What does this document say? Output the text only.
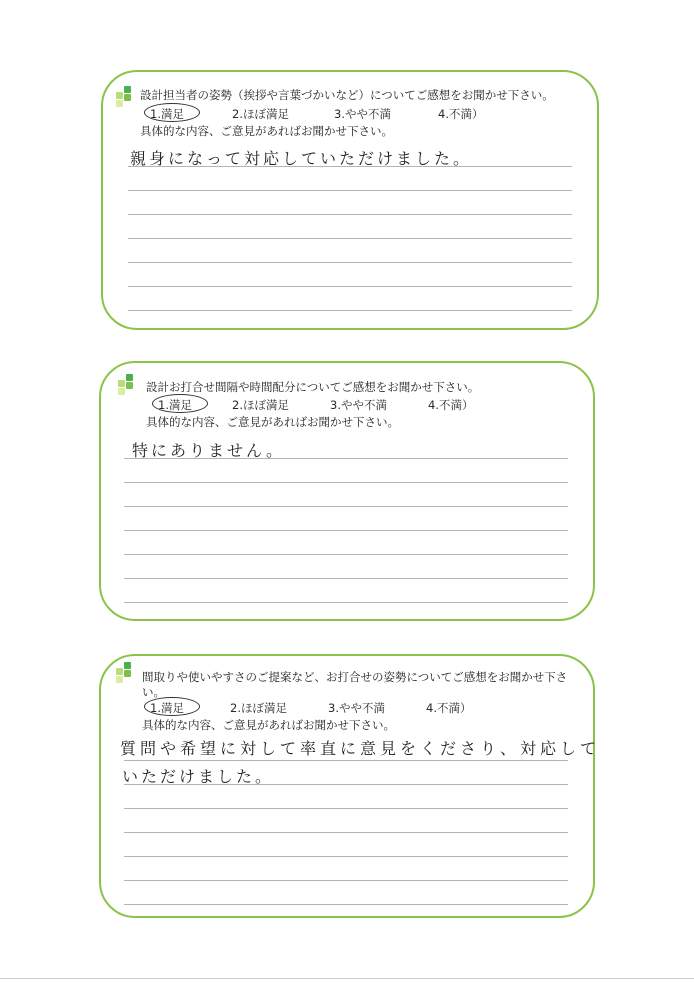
設計担当者の姿勢（挨拶や言葉づかいなど）についてご感想をお聞かせ下さい。

1.満足	2.ほぼ満足	3.やや不満	4.不満）

具体的な内容、ご意見があればお聞かせ下さい。

親身になって対応していただけました。

設計お打合せ間隔や時間配分についてご感想をお聞かせ下さい。

1.満足	2.ほぼ満足	3.やや不満	4.不満）

具体的な内容、ご意見があればお聞かせ下さい。

特にありません。

間取りや使いやすさのご提案など、お打合せの姿勢についてご感想をお聞かせ下さい。

1.満足	2.ほぼ満足	3.やや不満	4.不満）

具体的な内容、ご意見があればお聞かせ下さい。

質問や希望に対して率直に意見をくださり、対応して
いただけました。
